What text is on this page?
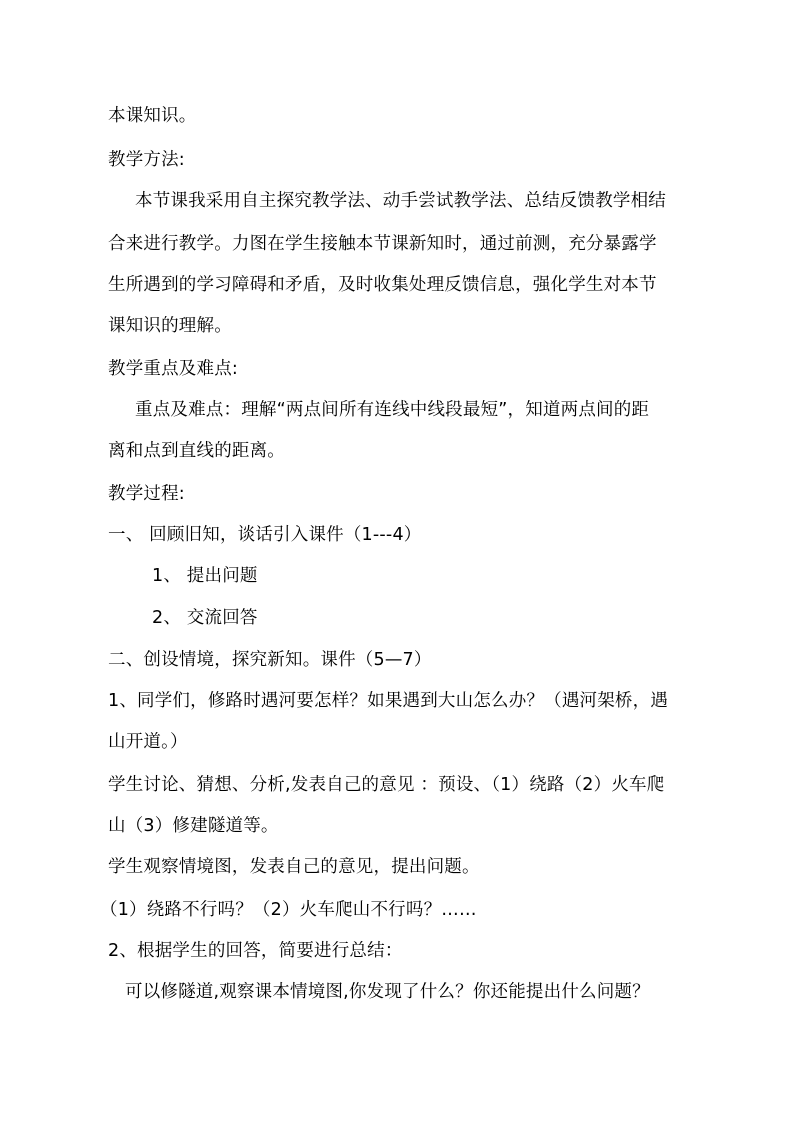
本课知识。
教学方法:
本节课我采用自主探究教学法、动手尝试教学法、总结反馈教学相结
合来进行教学。力图在学生接触本节课新知时，通过前测，充分暴露学
生所遇到的学习障碍和矛盾，及时收集处理反馈信息，强化学生对本节
课知识的理解。
教学重点及难点:
重点及难点：理解“两点间所有连线中线段最短”，知道两点间的距
离和点到直线的距离。
教学过程:
一、 回顾旧知，谈话引入课件（1---4）
1、 提出问题
2、 交流回答
二、创设情境，探究新知。课件（5—7）
1、同学们，修路时遇河要怎样？如果遇到大山怎么办？（遇河架桥，遇
山开道。）
学生讨论、猜想、分析,发表自己的意见 ：预设、（1）绕路（2）火车爬
山（3）修建隧道等。
学生观察情境图，发表自己的意见，提出问题。
（1）绕路不行吗？（2）火车爬山不行吗？……
2、根据学生的回答，简要进行总结：
可以修隧道,观察课本情境图,你发现了什么？你还能提出什么问题？
